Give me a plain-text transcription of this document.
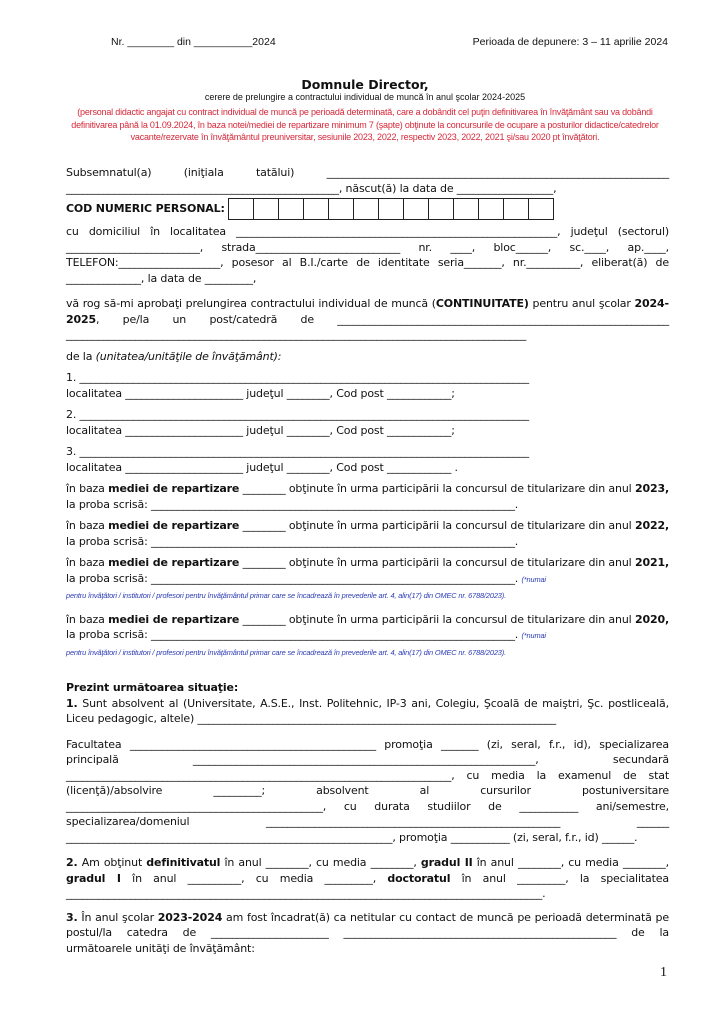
Nr. ________ din __________2024	Perioada de depunere: 3 – 11 aprilie 2024
Domnule Director,
cerere de prelungire a contractului individual de muncă în anul şcolar 2024-2025
(personal didactic angajat cu contract individual de muncă pe perioadă determinată, care a dobândit cel puţin definitivarea în învăţământ sau va dobândi definitivarea până la 01.09.2024, în baza notei/mediei de repartizare minimum 7 (şapte) obţinute la concursurile de ocupare a posturilor didactice/catedrelor vacante/rezervate în învăţământul preuniversitar, sesiunile 2023, 2022, respectiv 2023, 2022, 2021 şi/sau 2020 pt învăţători.

Subsemnatul(a) (iniţiala tatălui) ________________________________________________________________ ___________________________________________________, născut(ă) la data de __________________,

COD NUMERIC PERSONAL:

cu domiciliul în localitatea ____________________________________________________________, judeţul (sectorul) _________________________, strada___________________________ nr. ____, bloc______, sc.____, ap.____, TELEFON:___________________, posesor al B.I./carte de identitate seria_______, nr.__________, eliberat(ă) de ______________, la data de _________,

vă rog să-mi aprobaţi prelungirea contractului individual de muncă (CONTINUITATE) pentru anul şcolar 2024-2025, pe/la un post/catedră de ______________________________________________________________ ______________________________________________________________________________________

de la (unitatea/unităţile de învăţământ):

1. ____________________________________________________________________________________

localitatea ______________________ judeţul ________, Cod post ____________;

2. ____________________________________________________________________________________

localitatea ______________________ judeţul ________, Cod post ____________;

3. ____________________________________________________________________________________

localitatea ______________________ judeţul ________, Cod post ____________ .

în baza mediei de repartizare ________ obţinute în urma participării la concursul de titularizare din anul 2023, la proba scrisă: ____________________________________________________________________.

în baza mediei de repartizare ________ obţinute în urma participării la concursul de titularizare din anul 2022, la proba scrisă: ____________________________________________________________________.

în baza mediei de repartizare ________ obţinute în urma participării la concursul de titularizare din anul 2021, la proba scrisă: ____________________________________________________________________. (*numai
pentru învăţători / institutori / profesori pentru învăţământul primar care se încadrează în prevederile art. 4, alin(17) din OMEC nr. 6788/2023).

în baza mediei de repartizare ________ obţinute în urma participării la concursul de titularizare din anul 2020, la proba scrisă: ____________________________________________________________________. (*numai
pentru învăţători / institutori / profesori pentru învăţământul primar care se încadrează în prevederile art. 4, alin(17) din OMEC nr. 6788/2023).

Prezint următoarea situaţie:

1. Sunt absolvent al (Universitate, A.S.E., Inst. Politehnic, IP-3 ani, Colegiu, Şcoală de maiştri, Şc. postliceală, Liceu pedagogic, altele) ___________________________________________________________________

Facultatea ______________________________________________ promoţia _______ (zi, seral, f.r., id), specializarea principală ________________________________________________________________, secundară ________________________________________________________________________, cu media la examenul de stat (licenţă)/absolvire _________; absolvent al cursurilor postuniversitare ________________________________________________, cu durata studiilor de ___________ ani/semestre, specializarea/domeniul _______________________________________________________ ______ _____________________________________________________________, promoţia ___________ (zi, seral, f.r., id) ______.

2. Am obţinut definitivatul în anul ________, cu media ________, gradul II în anul ________, cu media ________, gradul I în anul __________, cu media _________, doctoratul în anul _________, la specialitatea _________________________________________________________________________________________.

3. În anul şcolar 2023-2024 am fost încadrat(ă) ca netitular cu contact de muncă pe perioadă determinată pe postul/la catedra de ______________________ ___________________________________________________ de la următoarele unităţi de învăţământ:

1
